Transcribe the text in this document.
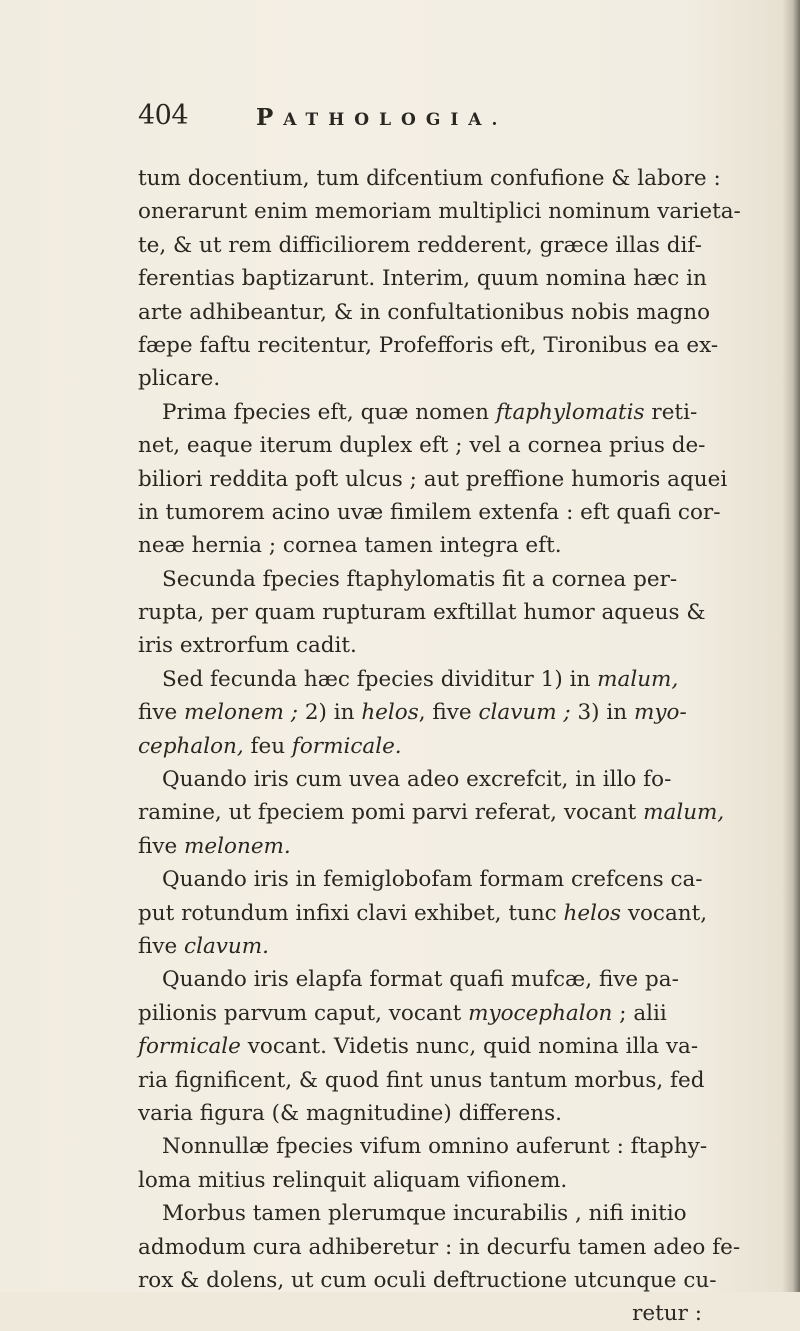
404	PATHOLOGIA.
tum docentium, tum difcentium confufione & labore :
onerarunt enim memoriam multiplici nominum varieta-
te, & ut rem difficiliorem redderent, græce illas dif-
ferentias baptizarunt. Interim, quum nomina hæc in
arte adhibeantur, & in confultationibus nobis magno
fæpe faftu recitentur, Profefforis eft, Tironibus ea ex-
plicare.
Prima fpecies eft, quæ nomen ftaphylomatis reti-
net, eaque iterum duplex eft ; vel a cornea prius de-
biliori reddita poft ulcus ; aut preffione humoris aquei
in tumorem acino uvæ fimilem extenfa : eft quafi cor-
neæ hernia ; cornea tamen integra eft.
Secunda fpecies ftaphylomatis fit a cornea per-
rupta, per quam rupturam exftillat humor aqueus &
iris extrorfum cadit.
Sed fecunda hæc fpecies dividitur 1) in malum,
five melonem ; 2) in helos, five clavum ; 3) in myo-
cephalon, feu formicale.
Quando iris cum uvea adeo excrefcit, in illo fo-
ramine, ut fpeciem pomi parvi referat, vocant malum,
five melonem.
Quando iris in femiglobofam formam crefcens ca-
put rotundum infixi clavi exhibet, tunc helos vocant,
five clavum.
Quando iris elapfa format quafi mufcæ, five pa-
pilionis parvum caput, vocant myocephalon ; alii
formicale vocant. Videtis nunc, quid nomina illa va-
ria fignificent, & quod fint unus tantum morbus, fed
varia figura (& magnitudine) differens.
Nonnullæ fpecies vifum omnino auferunt : ftaphy-
loma mitius relinquit aliquam vifionem.
Morbus tamen plerumque incurabilis , nifi initio
admodum cura adhiberetur : in decurfu tamen adeo fe-
rox & dolens, ut cum oculi deftructione utcunque cu-
retur :
